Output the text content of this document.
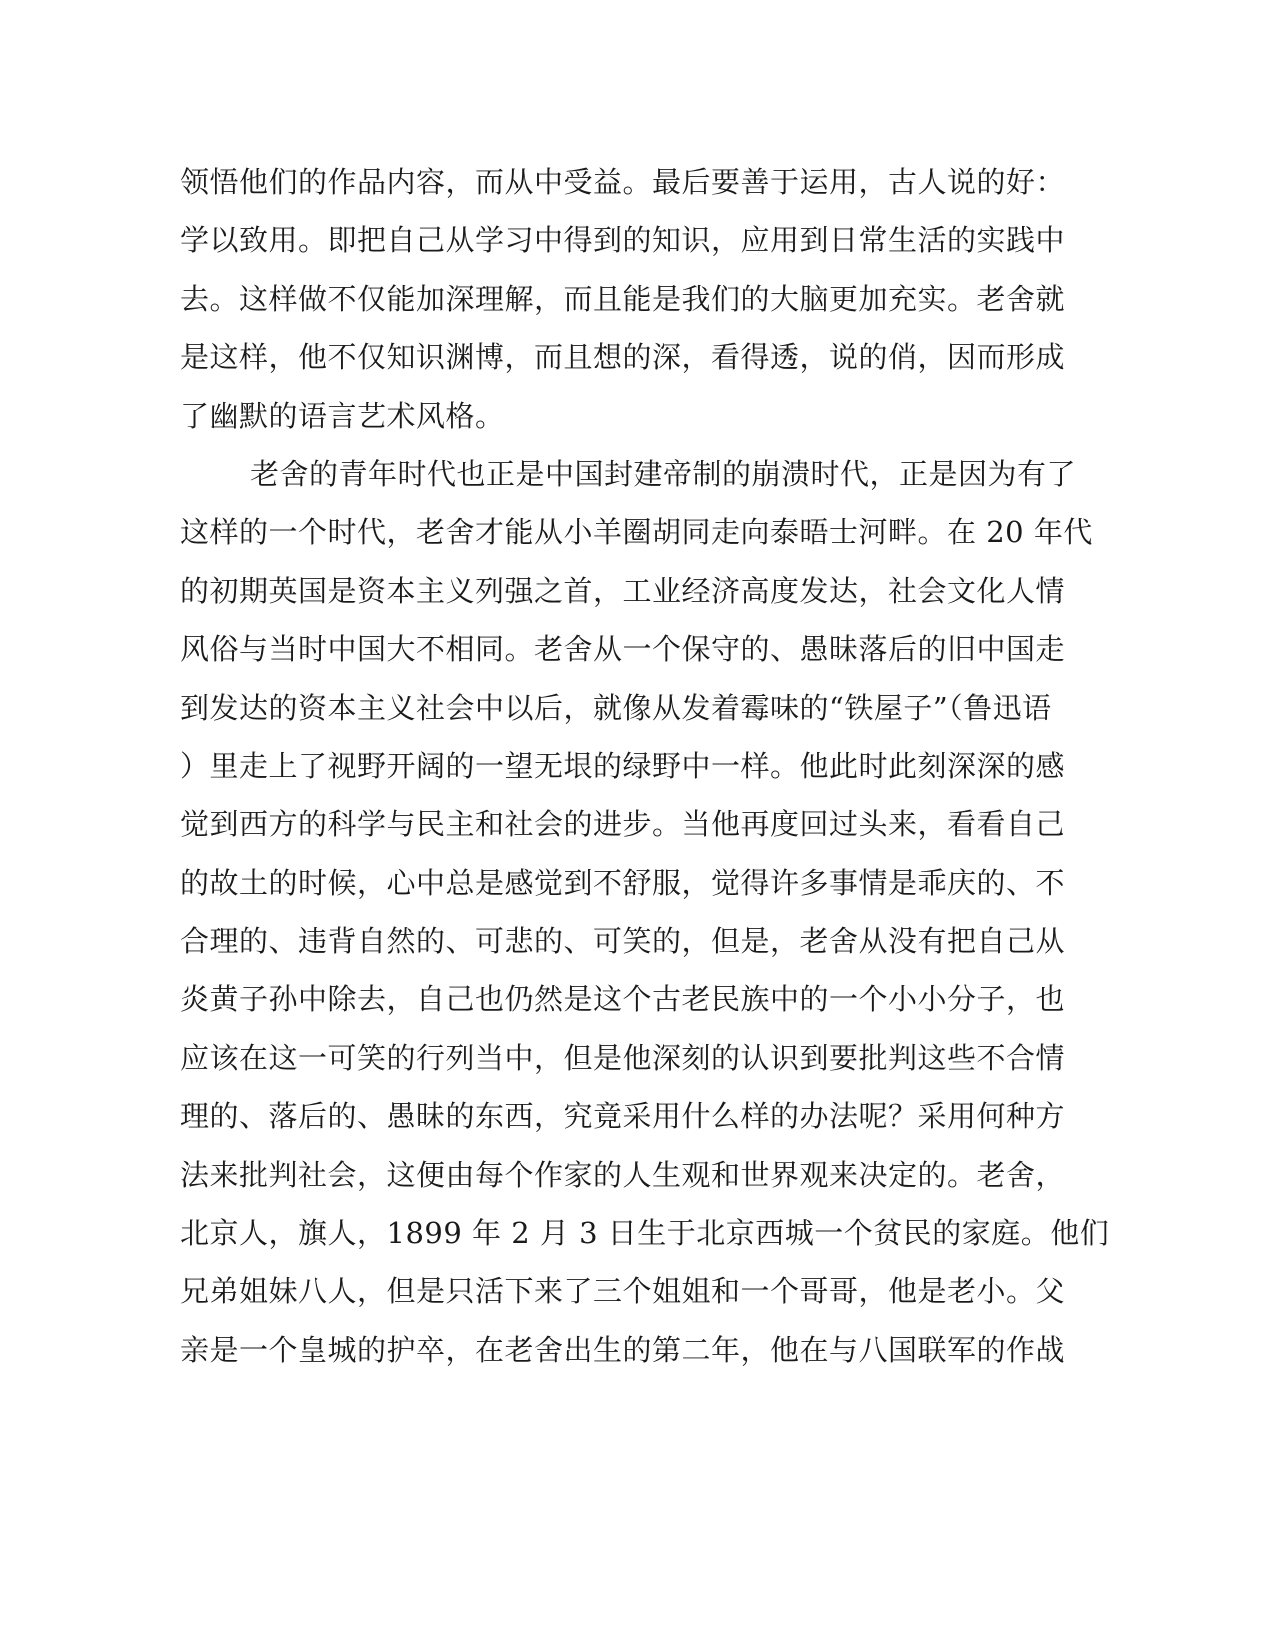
领悟他们的作品内容，而从中受益。最后要善于运用，古人说的好：
学以致用。即把自己从学习中得到的知识，应用到日常生活的实践中
去。这样做不仅能加深理解，而且能是我们的大脑更加充实。老舍就
是这样，他不仅知识渊博，而且想的深，看得透，说的俏，因而形成
了幽默的语言艺术风格。
老舍的青年时代也正是中国封建帝制的崩溃时代，正是因为有了
这样的一个时代，老舍才能从小羊圈胡同走向泰晤士河畔。在 20 年代
的初期英国是资本主义列强之首，工业经济高度发达，社会文化人情
风俗与当时中国大不相同。老舍从一个保守的、愚昧落后的旧中国走
到发达的资本主义社会中以后，就像从发着霉味的“铁屋子”（鲁迅语
）里走上了视野开阔的一望无垠的绿野中一样。他此时此刻深深的感
觉到西方的科学与民主和社会的进步。当他再度回过头来，看看自己
的故土的时候，心中总是感觉到不舒服，觉得许多事情是乖庆的、不
合理的、违背自然的、可悲的、可笑的，但是，老舍从没有把自己从
炎黄子孙中除去，自己也仍然是这个古老民族中的一个小小分子，也
应该在这一可笑的行列当中，但是他深刻的认识到要批判这些不合情
理的、落后的、愚昧的东西，究竟采用什么样的办法呢？采用何种方
法来批判社会，这便由每个作家的人生观和世界观来决定的。老舍，
北京人，旗人，1899 年 2 月 3 日生于北京西城一个贫民的家庭。他们
兄弟姐妹八人，但是只活下来了三个姐姐和一个哥哥，他是老小。父
亲是一个皇城的护卒，在老舍出生的第二年，他在与八国联军的作战
